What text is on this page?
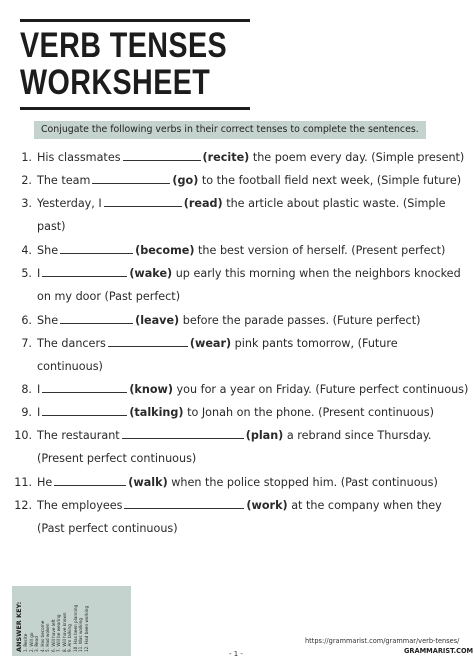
VERB TENSES
WORKSHEET
Conjugate the following verbs in their correct tenses to complete the sentences.
1. His classmates	(recite) the poem every day. (Simple present)
2. The team	(go) to the football field next week, (Simple future)
3. Yesterday, I	(read) the article about plastic waste. (Simple
past)
4. She	(become) the best version of herself. (Present perfect)
5. I	(wake) up early this morning when the neighbors knocked
on my door (Past perfect)
6. She	(leave) before the parade passes. (Future perfect)
7. The dancers	(wear) pink pants tomorrow, (Future
continuous)
8. I	(know) you for a year on Friday. (Future perfect continuous)
9. I	(talking) to Jonah on the phone. (Present continuous)
10. The restaurant	(plan) a rebrand since Thursday.
(Present perfect continuous)
11. He	(walk) when the police stopped him. (Past continuous)
12. The employees	(work) at the company when they
(Past perfect continuous)
ANSWER KEY: 1. Recite 2. Will go 3. Read 4. Has become 5. Had woken 6. Will have left 7. Will be wearing 8. Will have known 9. Am talking 10. Has been planning 11. Was walking 12. Had been working	https://grammarist.com/grammar/verb-tenses/
GRAMMARIST.COM
- 1 -
